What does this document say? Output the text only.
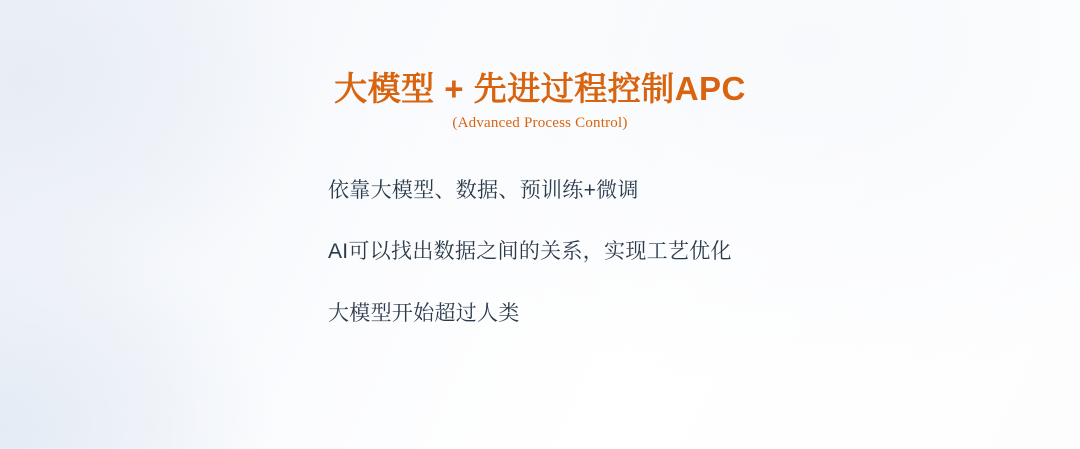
大模型 + 先进过程控制APC
(Advanced Process Control)
依靠大模型、数据、预训练+微调
AI可以找出数据之间的关系，实现工艺优化
大模型开始超过人类
